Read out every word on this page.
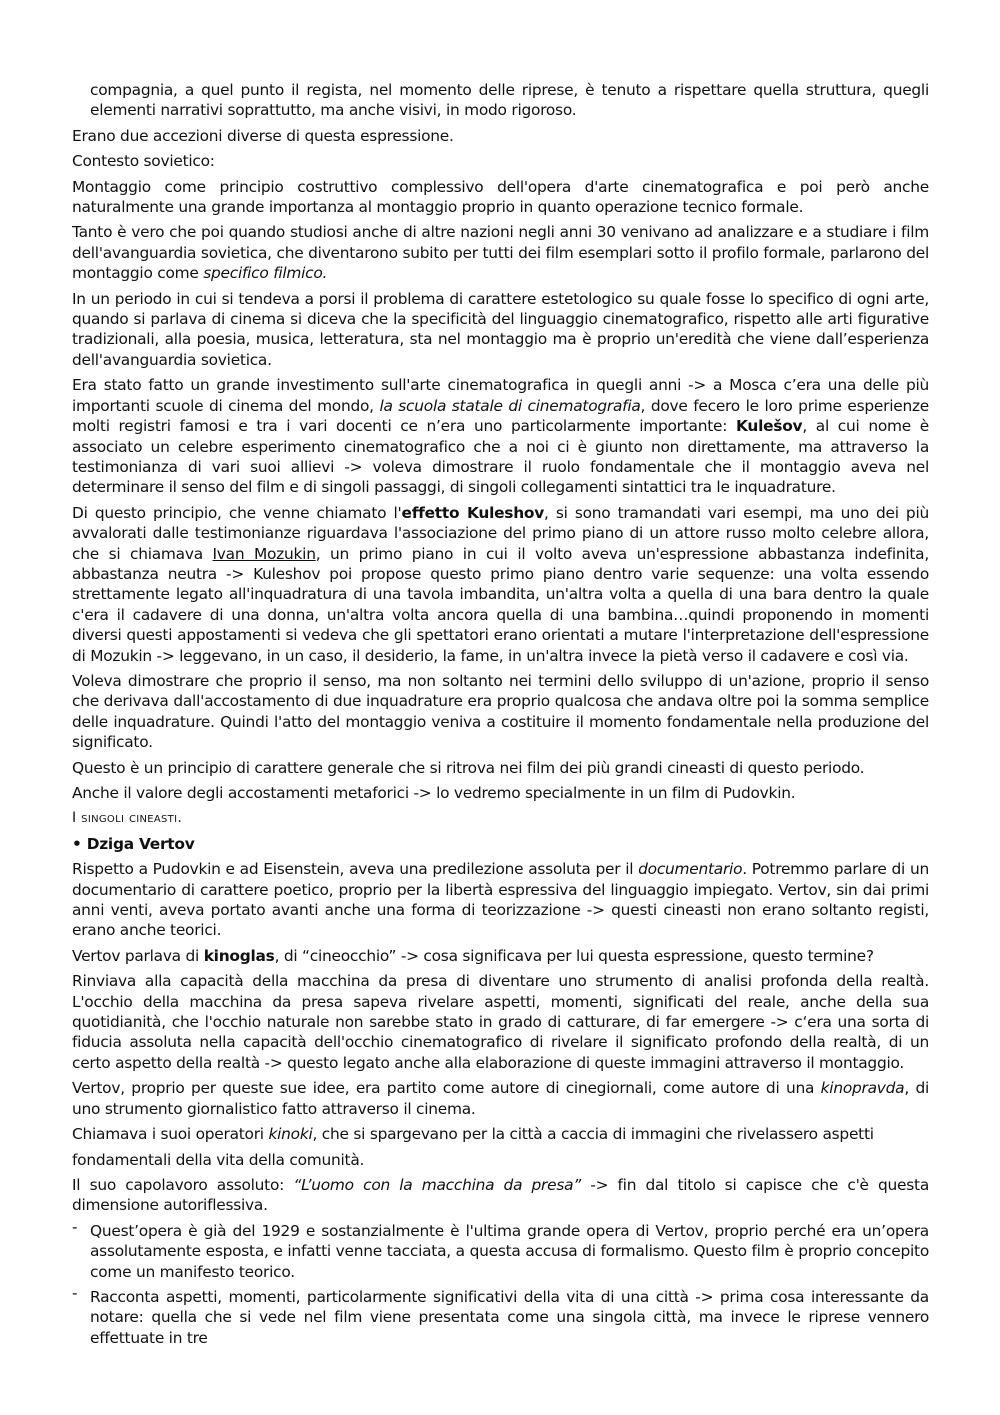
compagnia, a quel punto il regista, nel momento delle riprese, è tenuto a rispettare quella struttura, quegli elementi narrativi soprattutto, ma anche visivi, in modo rigoroso.

Erano due accezioni diverse di questa espressione.

Contesto sovietico:

Montaggio come principio costruttivo complessivo dell'opera d'arte cinematografica e poi però anche naturalmente una grande importanza al montaggio proprio in quanto operazione tecnico formale.

Tanto è vero che poi quando studiosi anche di altre nazioni negli anni 30 venivano ad analizzare e a studiare i film dell'avanguardia sovietica, che diventarono subito per tutti dei film esemplari sotto il profilo formale, parlarono del montaggio come specifico filmico.

In un periodo in cui si tendeva a porsi il problema di carattere estetologico su quale fosse lo specifico di ogni arte, quando si parlava di cinema si diceva che la specificità del linguaggio cinematografico, rispetto alle arti figurative tradizionali, alla poesia, musica, letteratura, sta nel montaggio ma è proprio un'eredità che viene dall’esperienza dell'avanguardia sovietica.

Era stato fatto un grande investimento sull'arte cinematografica in quegli anni -> a Mosca c’era una delle più importanti scuole di cinema del mondo, la scuola statale di cinematografia, dove fecero le loro prime esperienze molti registri famosi e tra i vari docenti ce n’era uno particolarmente importante: Kulešov, al cui nome è associato un celebre esperimento cinematografico che a noi ci è giunto non direttamente, ma attraverso la testimonianza di vari suoi allievi -> voleva dimostrare il ruolo fondamentale che il montaggio aveva nel determinare il senso del film e di singoli passaggi, di singoli collegamenti sintattici tra le inquadrature.

Di questo principio, che venne chiamato l'effetto Kuleshov, si sono tramandati vari esempi, ma uno dei più avvalorati dalle testimonianze riguardava l'associazione del primo piano di un attore russo molto celebre allora, che si chiamava Ivan Mozukin, un primo piano in cui il volto aveva un'espressione abbastanza indefinita, abbastanza neutra -> Kuleshov poi propose questo primo piano dentro varie sequenze: una volta essendo strettamente legato all'inquadratura di una tavola imbandita, un'altra volta a quella di una bara dentro la quale c'era il cadavere di una donna, un'altra volta ancora quella di una bambina…quindi proponendo in momenti diversi questi appostamenti si vedeva che gli spettatori erano orientati a mutare l'interpretazione dell'espressione di Mozukin -> leggevano, in un caso, il desiderio, la fame, in un'altra invece la pietà verso il cadavere e così via.

Voleva dimostrare che proprio il senso, ma non soltanto nei termini dello sviluppo di un'azione, proprio il senso che derivava dall'accostamento di due inquadrature era proprio qualcosa che andava oltre poi la somma semplice delle inquadrature. Quindi l'atto del montaggio veniva a costituire il momento fondamentale nella produzione del significato.

Questo è un principio di carattere generale che si ritrova nei film dei più grandi cineasti di questo periodo.

Anche il valore degli accostamenti metaforici -> lo vedremo specialmente in un film di Pudovkin.

I singoli cineasti.

• Dziga Vertov

Rispetto a Pudovkin e ad Eisenstein, aveva una predilezione assoluta per il documentario. Potremmo parlare di un documentario di carattere poetico, proprio per la libertà espressiva del linguaggio impiegato. Vertov, sin dai primi anni venti, aveva portato avanti anche una forma di teorizzazione -> questi cineasti non erano soltanto registi, erano anche teorici.

Vertov parlava di kinoglas, di “cineocchio” -> cosa significava per lui questa espressione, questo termine?

Rinviava alla capacità della macchina da presa di diventare uno strumento di analisi profonda della realtà. L'occhio della macchina da presa sapeva rivelare aspetti, momenti, significati del reale, anche della sua quotidianità, che l'occhio naturale non sarebbe stato in grado di catturare, di far emergere -> c‘era una sorta di fiducia assoluta nella capacità dell'occhio cinematografico di rivelare il significato profondo della realtà, di un certo aspetto della realtà -> questo legato anche alla elaborazione di queste immagini attraverso il montaggio.

Vertov, proprio per queste sue idee, era partito come autore di cinegiornali, come autore di una kinopravda, di uno strumento giornalistico fatto attraverso il cinema.

Chiamava i suoi operatori kinoki, che si spargevano per la città a caccia di immagini che rivelassero aspetti

fondamentali della vita della comunità.

Il suo capolavoro assoluto: “L’uomo con la macchina da presa” -> fin dal titolo si capisce che c'è questa dimensione autoriflessiva.

- Quest’opera è già del 1929 e sostanzialmente è l'ultima grande opera di Vertov, proprio perché era un’opera assolutamente esposta, e infatti venne tacciata, a questa accusa di formalismo. Questo film è proprio concepito come un manifesto teorico.
- Racconta aspetti, momenti, particolarmente significativi della vita di una città -> prima cosa interessante da notare: quella che si vede nel film viene presentata come una singola città, ma invece le riprese vennero effettuate in tre
